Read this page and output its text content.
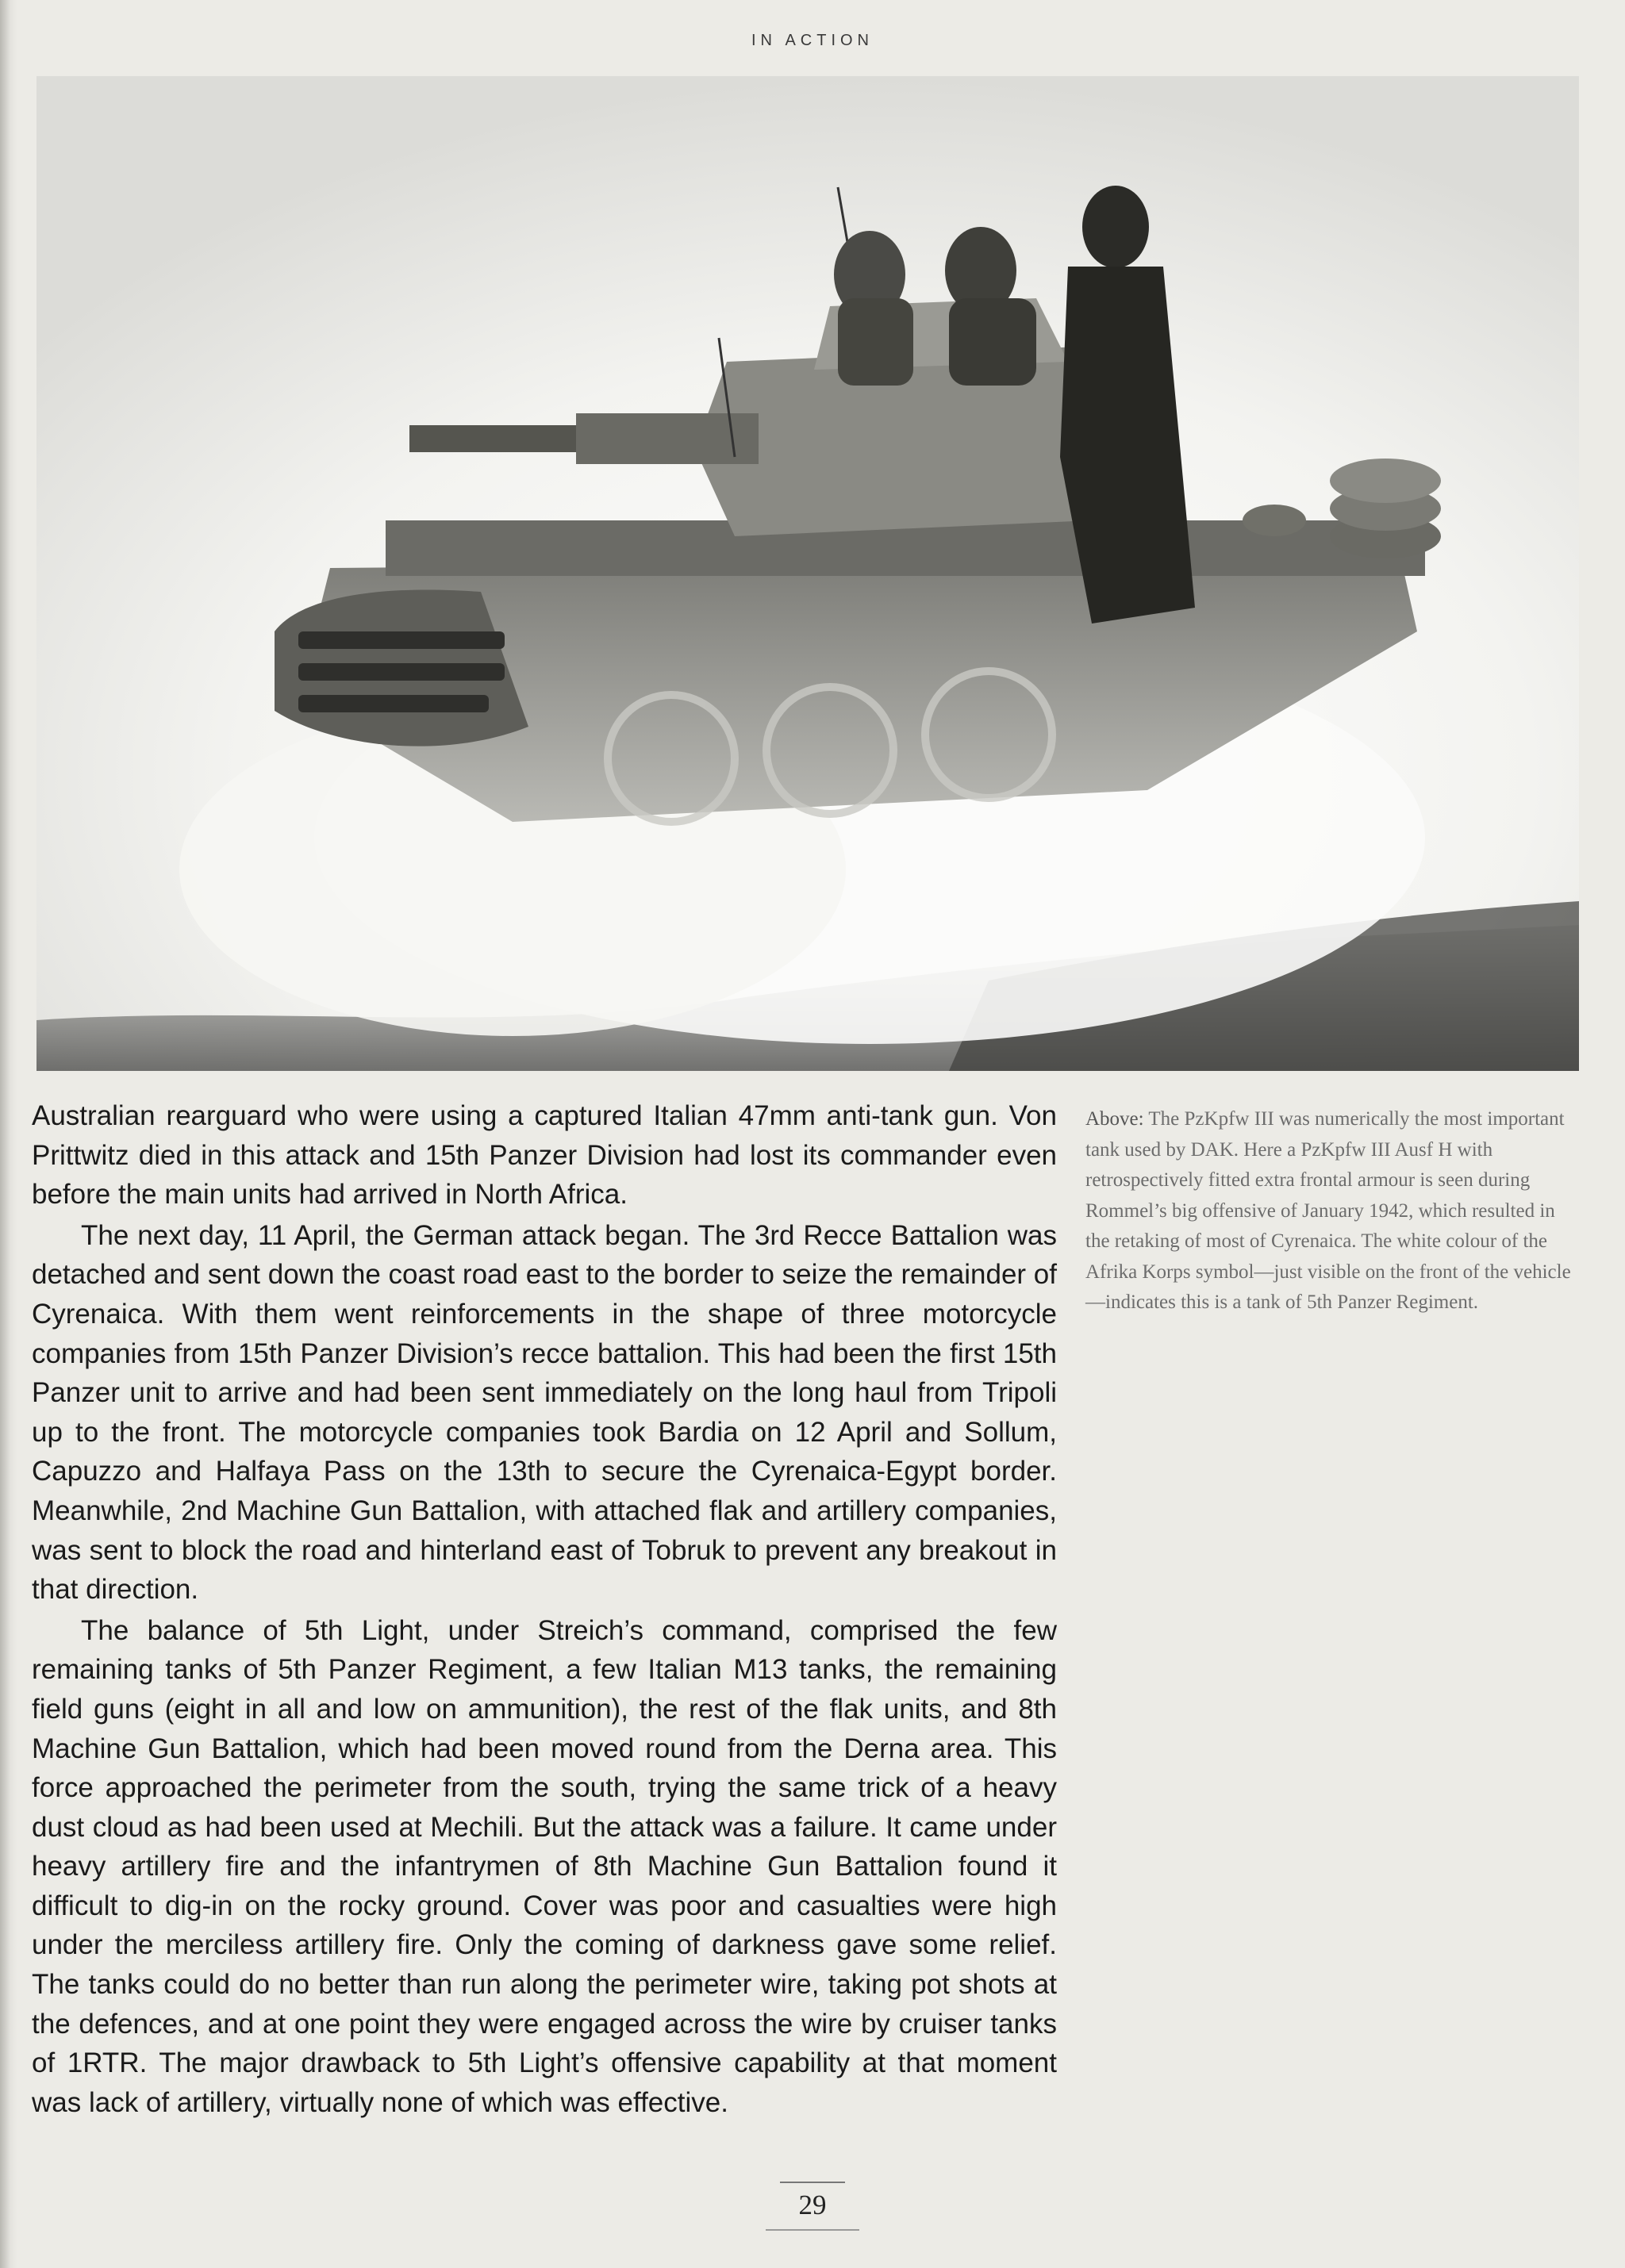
IN ACTION

Australian rearguard who were using a captured Italian 47mm anti-tank gun. Von Prittwitz died in this attack and 15th Panzer Division had lost its commander even before the main units had arrived in North Africa.

The next day, 11 April, the German attack began. The 3rd Recce Battalion was detached and sent down the coast road east to the border to seize the remainder of Cyrenaica. With them went reinforcements in the shape of three motorcycle companies from 15th Panzer Division’s recce battalion. This had been the first 15th Panzer unit to arrive and had been sent immediately on the long haul from Tripoli up to the front. The motorcycle companies took Bardia on 12 April and Sollum, Capuzzo and Halfaya Pass on the 13th to secure the Cyrenaica-Egypt border. Meanwhile, 2nd Machine Gun Battalion, with attached flak and artillery companies, was sent to block the road and hinterland east of Tobruk to prevent any breakout in that direction.

The balance of 5th Light, under Streich’s command, comprised the few remaining tanks of 5th Panzer Regiment, a few Italian M13 tanks, the remaining field guns (eight in all and low on ammunition), the rest of the flak units, and 8th Machine Gun Battalion, which had been moved round from the Derna area. This force approached the perimeter from the south, trying the same trick of a heavy dust cloud as had been used at Mechili. But the attack was a failure. It came under heavy artillery fire and the infantrymen of 8th Machine Gun Battalion found it difficult to dig-in on the rocky ground. Cover was poor and casualties were high under the merciless artillery fire. Only the coming of darkness gave some relief. The tanks could do no better than run along the perimeter wire, taking pot shots at the defences, and at one point they were engaged across the wire by cruiser tanks of 1RTR. The major drawback to 5th Light’s offensive capability at that moment was lack of artillery, virtually none of which was effective.

Above: The PzKpfw III was numerically the most important tank used by DAK. Here a PzKpfw III Ausf H with retrospectively fitted extra frontal armour is seen during Rommel’s big offensive of January 1942, which resulted in the retaking of most of Cyrenaica. The white colour of the Afrika Korps symbol—just visible on the front of the vehicle—indicates this is a tank of 5th Panzer Regiment.
29
